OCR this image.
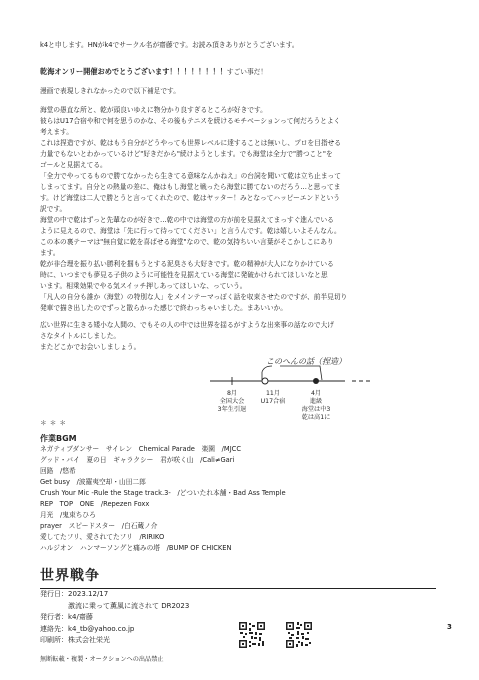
k4と申します。HNがk4でサークル名が齋藤です。お読み頂きありがとうございます。
乾海オンリー開催おめでとうございます！！！！！！！！すごい事だ！
漫画で表現しきれなかったので以下補足です。
海堂の愚直な所と、乾が頭良いゆえに物分かり良すぎるところが好きです。
彼らはU17合宿や和で何を思うのかな、その後もテニスを続けるモチベーションって何だろうとよく
考えます。
これは捏造ですが、乾はもう自分がどうやっても世界レベルに達することは無いし、プロを目指せる
力量でもないとわかっているけど"好きだから"続けようとします。でも海堂は全力で"勝つこと"を
ゴールと見据えてる。
「全力でやってるもので勝てなかったら生きてる意味なんかねえ」の台詞を聞いて乾は立ち止まって
しまってます。自分との熱量の差に、俺はもし海堂と戦ったら海堂に勝てないのだろう…と思ってま
す。けど海堂は二人で勝とうと言ってくれたので、乾はヤッター！みとなってハッピーエンドという
訳です。
海堂の中で乾はずっと先輩なのが好きで…乾の中では海堂の方が前を見据えてまっすぐ進んでいる
ように見えるので、海堂は「先に行って待っててください」と言うんです。乾は嬉しいよそんなん。
この本の裏テーマは"無自覚に乾を喜ばせる海堂"なので、乾の気持ちいい言葉がそこかしこにあり
ます。
乾が非合理を振り払い勝利を掴もうとする泥臭さも大好きです。乾の精神が大人になりかけている
時に、いつまでも夢見る子供のように可能性を見据えている海堂に発破かけられてほしいなと思
います。相乗効果でやる気スイッチ押しあってほしいな、っていう。
「凡人の自分も誰か（海堂）の特別な人」をメインテーマっぽく話を収束させたのですが、前半見切り
発車で描き出したのでずっと散らかった感じで終わっちゃいました。まあいいか。
広い世界に生きる矮小な人間の、でもその人の中では世界を揺るがすような出来事の話なので大げ
さなタイトルにしました。
またどこかでお会いしましょう。
このへんの話（捏造）
8月
全国大会
3年生引退
11月
U17合宿
4月
進級
海堂は中3
乾は高1に
＊＊＊
作業BGM
ネガティブダンサー　サイレン　Chemical Parade　楽園　/MJCC
グッド・バイ　夏の日　ギャラクシー　君が咲く山　/Cali≠Gari
回路　/悠希
Get busy　/波羅夷空却・山田二郎
Crush Your Mic -Rule the Stage track.3-　/どついたれ本舗・Bad Ass Temple
REP　TOP　ONE　/Repezen Foxx
月光　/鬼束ちひろ
prayer　スピードスター　/白石蔵ノ介
愛してたフリ、愛されてたフリ　/RIRIKO
ハルジオン　ハンマーソングと痛みの塔　/BUMP OF CHICKEN
世界戦争
発行日：2023.12/17
　　　　激流に乗って薫風に流されて DR2023
発行者：k4/齋藤
連絡先：k4_tb@yahoo.co.jp
印刷所：株式会社栄光
無断転載・複製・オークションへの出品禁止
3
